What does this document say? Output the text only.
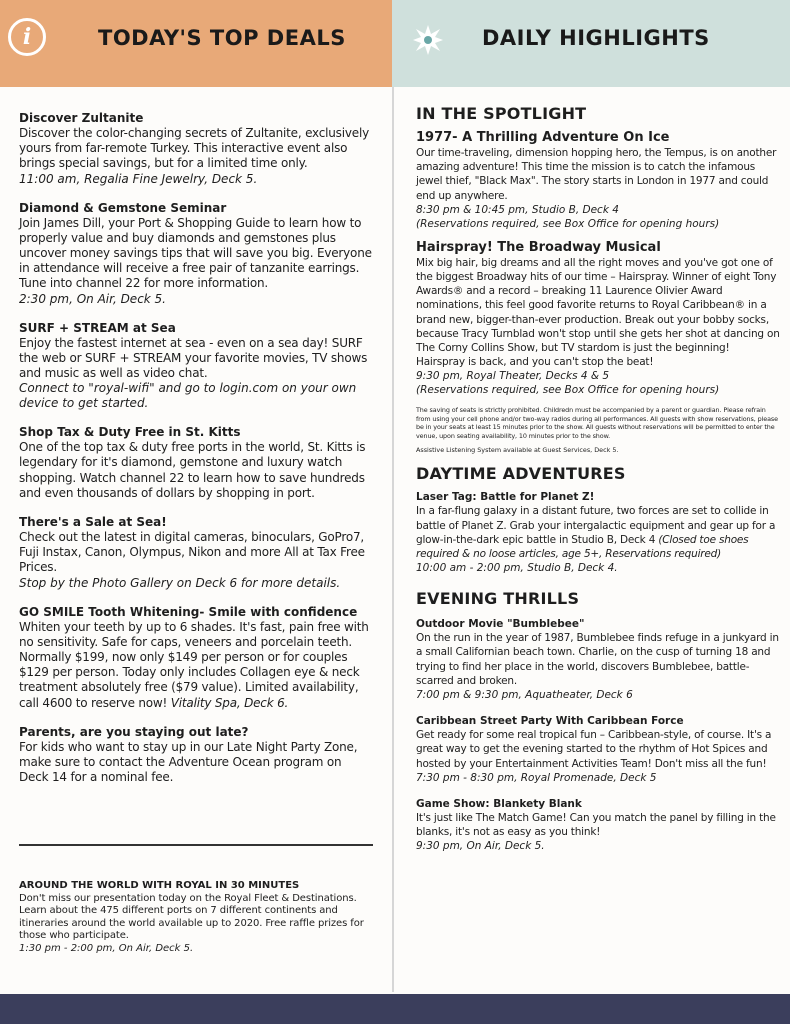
i	TODAY'S TOP DEALS	DAILY HIGHLIGHTS
Discover Zultanite
Discover the color-changing secrets of Zultanite, exclusively yours from far-remote Turkey. This interactive event also brings special savings, but for a limited time only.
11:00 am, Regalia Fine Jewelry, Deck 5.
Diamond & Gemstone Seminar
Join James Dill, your Port & Shopping Guide to learn how to properly value and buy diamonds and gemstones plus uncover money savings tips that will save you big. Everyone in attendance will receive a free pair of tanzanite earrings. Tune into channel 22 for more information.
2:30 pm, On Air, Deck 5.
SURF + STREAM at Sea
Enjoy the fastest internet at sea - even on a sea day! SURF the web or SURF + STREAM your favorite movies, TV shows and music as well as video chat.
Connect to "royal-wifi" and go to login.com on your own device to get started.
Shop Tax & Duty Free in St. Kitts
One of the top tax & duty free ports in the world, St. Kitts is legendary for it's diamond, gemstone and luxury watch shopping. Watch channel 22 to learn how to save hundreds and even thousands of dollars by shopping in port.
There's a Sale at Sea!
Check out the latest in digital cameras, binoculars, GoPro7, Fuji Instax, Canon, Olympus, Nikon and more All at Tax Free Prices.
Stop by the Photo Gallery on Deck 6 for more details.
GO SMILE Tooth Whitening- Smile with confidence
Whiten your teeth by up to 6 shades. It's fast, pain free with no sensitivity. Safe for caps, veneers and porcelain teeth. Normally $199, now only $149 per person or for couples $129 per person. Today only includes Collagen eye & neck treatment absolutely free ($79 value). Limited availability, call 4600 to reserve now! Vitality Spa, Deck 6.
Parents, are you staying out late?
For kids who want to stay up in our Late Night Party Zone, make sure to contact the Adventure Ocean program on Deck 14 for a nominal fee.
AROUND THE WORLD WITH ROYAL IN 30 MINUTES
Don't miss our presentation today on the Royal Fleet & Destinations. Learn about the 475 different ports on 7 different continents and itineraries around the world available up to 2020. Free raffle prizes for those who participate.
1:30 pm - 2:00 pm, On Air, Deck 5.
IN THE SPOTLIGHT
1977- A Thrilling Adventure On Ice
Our time-traveling, dimension hopping hero, the Tempus, is on another amazing adventure! This time the mission is to catch the infamous jewel thief, "Black Max". The story starts in London in 1977 and could end up anywhere.
8:30 pm & 10:45 pm, Studio B, Deck 4
(Reservations required, see Box Office for opening hours)
Hairspray! The Broadway Musical
Mix big hair, big dreams and all the right moves and you've got one of the biggest Broadway hits of our time – Hairspray. Winner of eight Tony Awards® and a record – breaking 11 Laurence Olivier Award nominations, this feel good favorite returns to Royal Caribbean® in a brand new, bigger-than-ever production. Break out your bobby socks, because Tracy Turnblad won't stop until she gets her shot at dancing on The Corny Collins Show, but TV stardom is just the beginning! Hairspray is back, and you can't stop the beat!
9:30 pm, Royal Theater, Decks 4 & 5
(Reservations required, see Box Office for opening hours)
The saving of seats is strictly prohibited. Childredn must be accompanied by a parent or guardian. Please refrain from using your cell phone and/or two-way radios during all performances. All guests with show reservations, please be in your seats at least 15 minutes prior to the show. All guests without reservations will be permitted to enter the venue, upon seating availability, 10 minutes prior to the show.
Assistive Listening System available at Guest Services, Deck 5.
DAYTIME ADVENTURES
Laser Tag: Battle for Planet Z!
In a far-flung galaxy in a distant future, two forces are set to collide in battle of Planet Z. Grab your intergalactic equipment and gear up for a glow-in-the-dark epic battle in Studio B, Deck 4 (Closed toe shoes required & no loose articles, age 5+, Reservations required)
10:00 am - 2:00 pm, Studio B, Deck 4.
EVENING THRILLS
Outdoor Movie "Bumblebee"
On the run in the year of 1987, Bumblebee finds refuge in a junkyard in a small Californian beach town. Charlie, on the cusp of turning 18 and trying to find her place in the world, discovers Bumblebee, battle-scarred and broken.
7:00 pm & 9:30 pm, Aquatheater, Deck 6
Caribbean Street Party With Caribbean Force
Get ready for some real tropical fun – Caribbean-style, of course. It's a great way to get the evening started to the rhythm of Hot Spices and hosted by your Entertainment Activities Team! Don't miss all the fun!
7:30 pm - 8:30 pm, Royal Promenade, Deck 5
Game Show: Blankety Blank
It's just like The Match Game! Can you match the panel by filling in the blanks, it's not as easy as you think!
9:30 pm, On Air, Deck 5.
